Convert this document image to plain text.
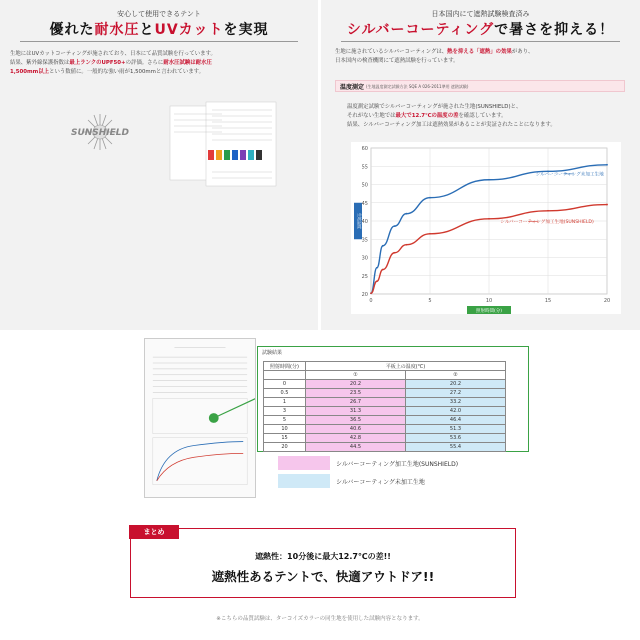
安心して使用できるテント
優れた耐水圧とUVカットを実現
生地にはUVカットコーティングが施されており、日本にて品質試験を行っています。
結果、紫外線保護指数は最上ランクのUPF50+の評価。さらに耐水圧試験は耐水圧
1,500mm以上という数値に。一般的な強い雨が1,500mmと言われています。
SUNSHIELD
日本国内にて遮熱試験検査済み
シルバーコーティングで暑さを抑える！
生地に施されているシルバーコーティングは、熱を抑える「遮熱」の効果があり、
日本国内の検査機関にて遮熱試験を行っています。
温度測定 (生地温度測定試験方法 SQE A 026-2011準用 遮熱試験)
温度測定試験でシルバーコーティングが施された生地(SUNSHIELD)と、
それがない生地では最大で12.7℃の温度の差を確認しています。
結果、シルバーコーティング加工は遮熱効果があることが実証されたことになります。
20
25
30
35
40
45
50
55
60
0	5	10	15	20
生地温度
照射時間(分)
シルバーコーティング未加工生地
シルバーコーティング加工生地(SUNSHIELD)
試験結果
照射時間(分)	平板上の温度(℃)	
	①	②
0	20.2	20.2
0.5	23.5	27.2
1	26.7	33.2
3	31.3	42.0
5	36.5	46.4
10	40.6	51.3
15	42.8	53.6
20	44.5	55.4
シルバーコーティング加工生地(SUNSHIELD)
シルバーコーティング未加工生地
まとめ
遮熱性：10分後に最大12.7℃の差!!
遮熱性あるテントで、快適アウトドア!!
※こちらの品質試験は、ターコイズカラーの同生地を使用した試験内容となります。
